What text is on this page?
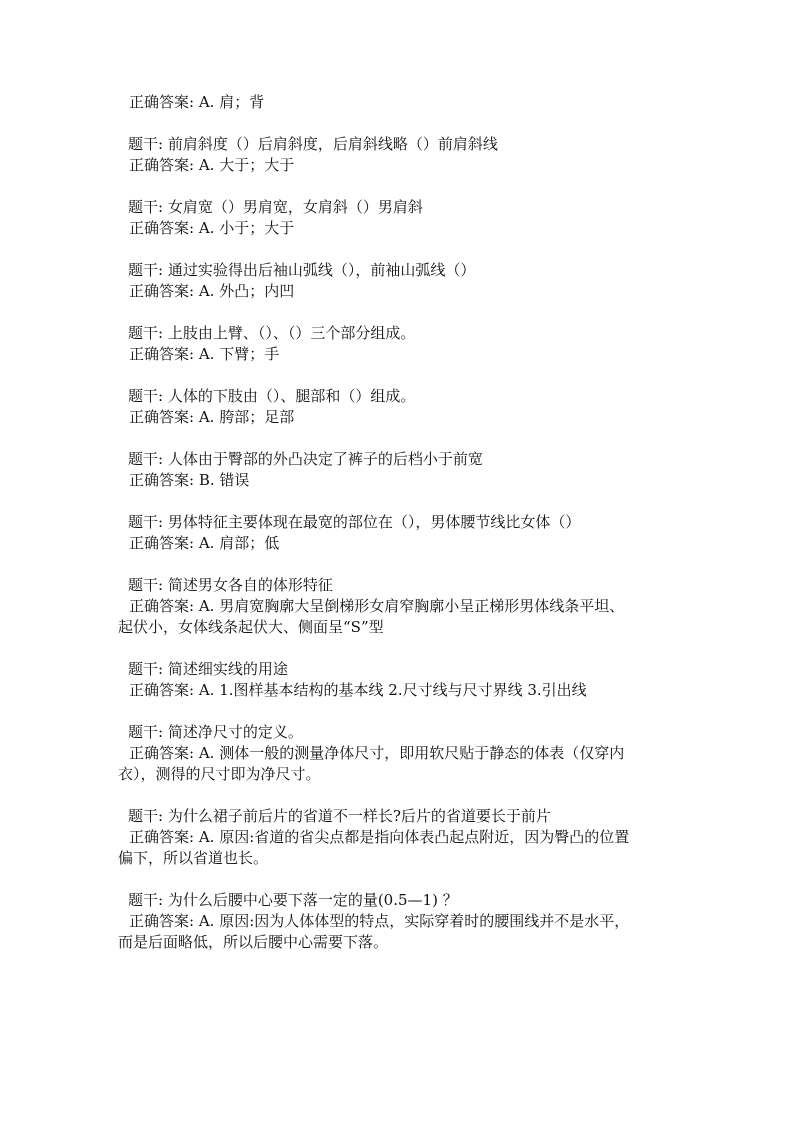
正确答案: A. 肩；背
题干: 前肩斜度（）后肩斜度，后肩斜线略（）前肩斜线
正确答案: A. 大于；大于
题干: 女肩宽（）男肩宽，女肩斜（）男肩斜
正确答案: A. 小于；大于
题干: 通过实验得出后袖山弧线（），前袖山弧线（）
正确答案: A. 外凸；内凹
题干: 上肢由上臂、（）、（）三个部分组成。
正确答案: A. 下臂；手
题干: 人体的下肢由（）、腿部和（）组成。
正确答案: A. 胯部；足部
题干: 人体由于臀部的外凸决定了裤子的后档小于前宽
正确答案: B. 错误
题干: 男体特征主要体现在最宽的部位在（），男体腰节线比女体（）
正确答案: A. 肩部；低
题干: 简述男女各自的体形特征
正确答案: A. 男肩宽胸廓大呈倒梯形女肩窄胸廓小呈正梯形男体线条平坦、
起伏小，女体线条起伏大、侧面呈“S”型
题干: 简述细实线的用途
正确答案: A. 1.图样基本结构的基本线 2.尺寸线与尺寸界线 3.引出线
题干: 简述净尺寸的定义。
正确答案: A. 测体一般的测量净体尺寸，即用软尺贴于静态的体表（仅穿内
衣），测得的尺寸即为净尺寸。
题干: 为什么裙子前后片的省道不一样长?后片的省道要长于前片
正确答案: A. 原因:省道的省尖点都是指向体表凸起点附近，因为臀凸的位置
偏下，所以省道也长。
题干: 为什么后腰中心要下落一定的量(0.5—1) ？
正确答案: A. 原因:因为人体体型的特点，实际穿着时的腰围线并不是水平，
而是后面略低，所以后腰中心需要下落。
